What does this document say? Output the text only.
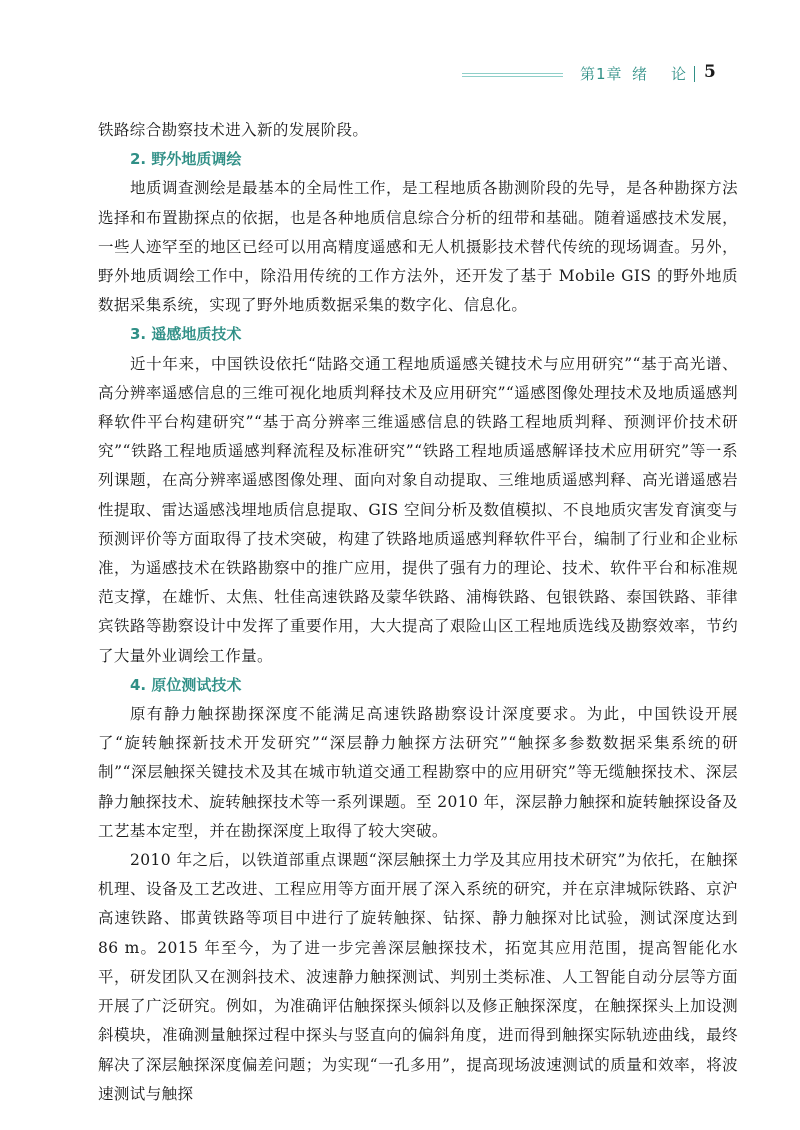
第1章 绪论 5

铁路综合勘察技术进入新的发展阶段。

2. 野外地质调绘

地质调查测绘是最基本的全局性工作，是工程地质各勘测阶段的先导，是各种勘探方法选择和布置勘探点的依据，也是各种地质信息综合分析的纽带和基础。随着遥感技术发展，一些人迹罕至的地区已经可以用高精度遥感和无人机摄影技术替代传统的现场调查。另外，野外地质调绘工作中，除沿用传统的工作方法外，还开发了基于 Mobile GIS 的野外地质数据采集系统，实现了野外地质数据采集的数字化、信息化。

3. 遥感地质技术

近十年来，中国铁设依托“陆路交通工程地质遥感关键技术与应用研究”“基于高光谱、高分辨率遥感信息的三维可视化地质判释技术及应用研究”“遥感图像处理技术及地质遥感判释软件平台构建研究”“基于高分辨率三维遥感信息的铁路工程地质判释、预测评价技术研究”“铁路工程地质遥感判释流程及标准研究”“铁路工程地质遥感解译技术应用研究”等一系列课题，在高分辨率遥感图像处理、面向对象自动提取、三维地质遥感判释、高光谱遥感岩性提取、雷达遥感浅埋地质信息提取、GIS 空间分析及数值模拟、不良地质灾害发育演变与预测评价等方面取得了技术突破，构建了铁路地质遥感判释软件平台，编制了行业和企业标准，为遥感技术在铁路勘察中的推广应用，提供了强有力的理论、技术、软件平台和标准规范支撑，在雄忻、太焦、牡佳高速铁路及蒙华铁路、浦梅铁路、包银铁路、泰国铁路、菲律宾铁路等勘察设计中发挥了重要作用，大大提高了艰险山区工程地质选线及勘察效率，节约了大量外业调绘工作量。

4. 原位测试技术

原有静力触探勘探深度不能满足高速铁路勘察设计深度要求。为此，中国铁设开展了“旋转触探新技术开发研究”“深层静力触探方法研究”“触探多参数数据采集系统的研制”“深层触探关键技术及其在城市轨道交通工程勘察中的应用研究”等无缆触探技术、深层静力触探技术、旋转触探技术等一系列课题。至 2010 年，深层静力触探和旋转触探设备及工艺基本定型，并在勘探深度上取得了较大突破。

2010 年之后，以铁道部重点课题“深层触探土力学及其应用技术研究”为依托，在触探机理、设备及工艺改进、工程应用等方面开展了深入系统的研究，并在京津城际铁路、京沪高速铁路、邯黄铁路等项目中进行了旋转触探、钻探、静力触探对比试验，测试深度达到 86 m。2015 年至今，为了进一步完善深层触探技术，拓宽其应用范围，提高智能化水平，研发团队又在测斜技术、波速静力触探测试、判别土类标准、人工智能自动分层等方面开展了广泛研究。例如，为准确评估触探探头倾斜以及修正触探深度，在触探探头上加设测斜模块，准确测量触探过程中探头与竖直向的偏斜角度，进而得到触探实际轨迹曲线，最终解决了深层触探深度偏差问题；为实现“一孔多用”，提高现场波速测试的质量和效率，将波速测试与触探
